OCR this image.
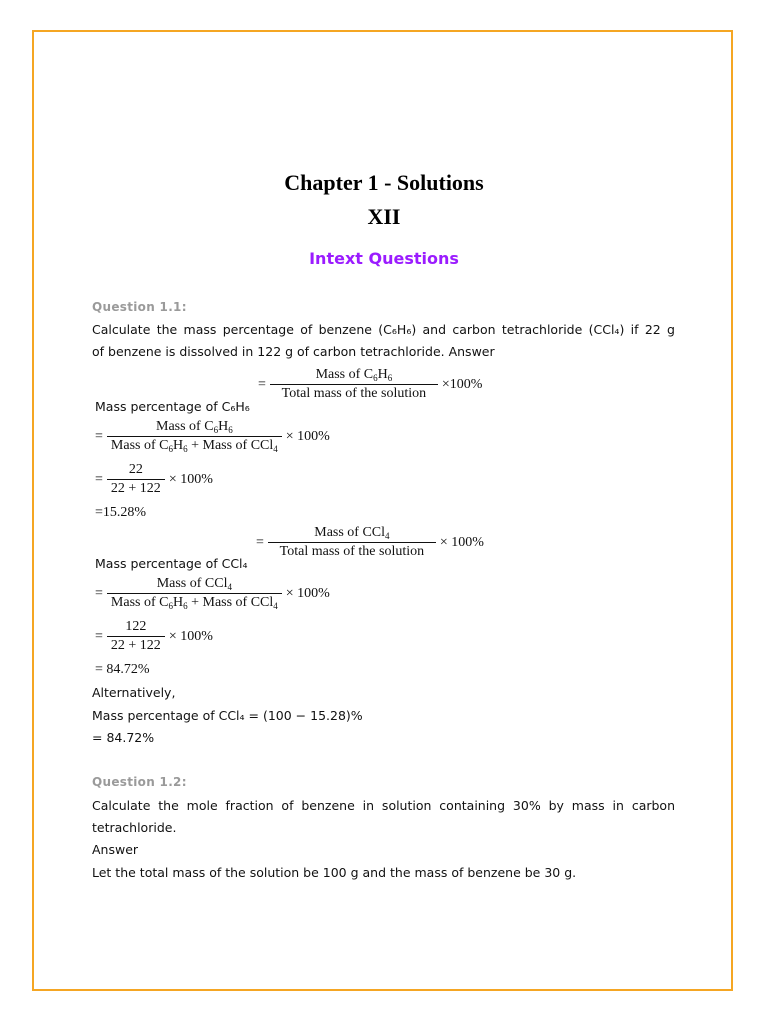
Chapter 1 - Solutions
XII
Intext Questions
Question 1.1:
Calculate the mass percentage of benzene (C₆H₆) and carbon tetrachloride (CCl₄) if 22 g
of benzene is dissolved in 122 g of carbon tetrachloride. Answer
= $\frac{Mass of C_6H_6}{\text{Total mass of the solution}} \times 100\%$
Mass percentage of C₆H₆
= $\frac{Mass of C_6H_6}{Mass of C_6H_6 + Mass of CCl_4} \times 100\%$
= $\frac{22}{22 + 122} \times 100\%$
=15.28%
= $\frac{Mass of CCl_4}{\text{Total mass of the solution}} \times 100\%$
Mass percentage of CCl₄
= $\frac{Mass of CCl_4}{Mass of C_6H_6 + Mass of CCl_4} \times 100\%$
= $\frac{122}{22 + 122} \times 100\%$
= 84.72%
Alternatively,
Mass percentage of CCl₄ = (100 − 15.28)%
= 84.72%
Question 1.2:
Calculate the mole fraction of benzene in solution containing 30% by mass in carbon
tetrachloride.
Answer
Let the total mass of the solution be 100 g and the mass of benzene be 30 g.
